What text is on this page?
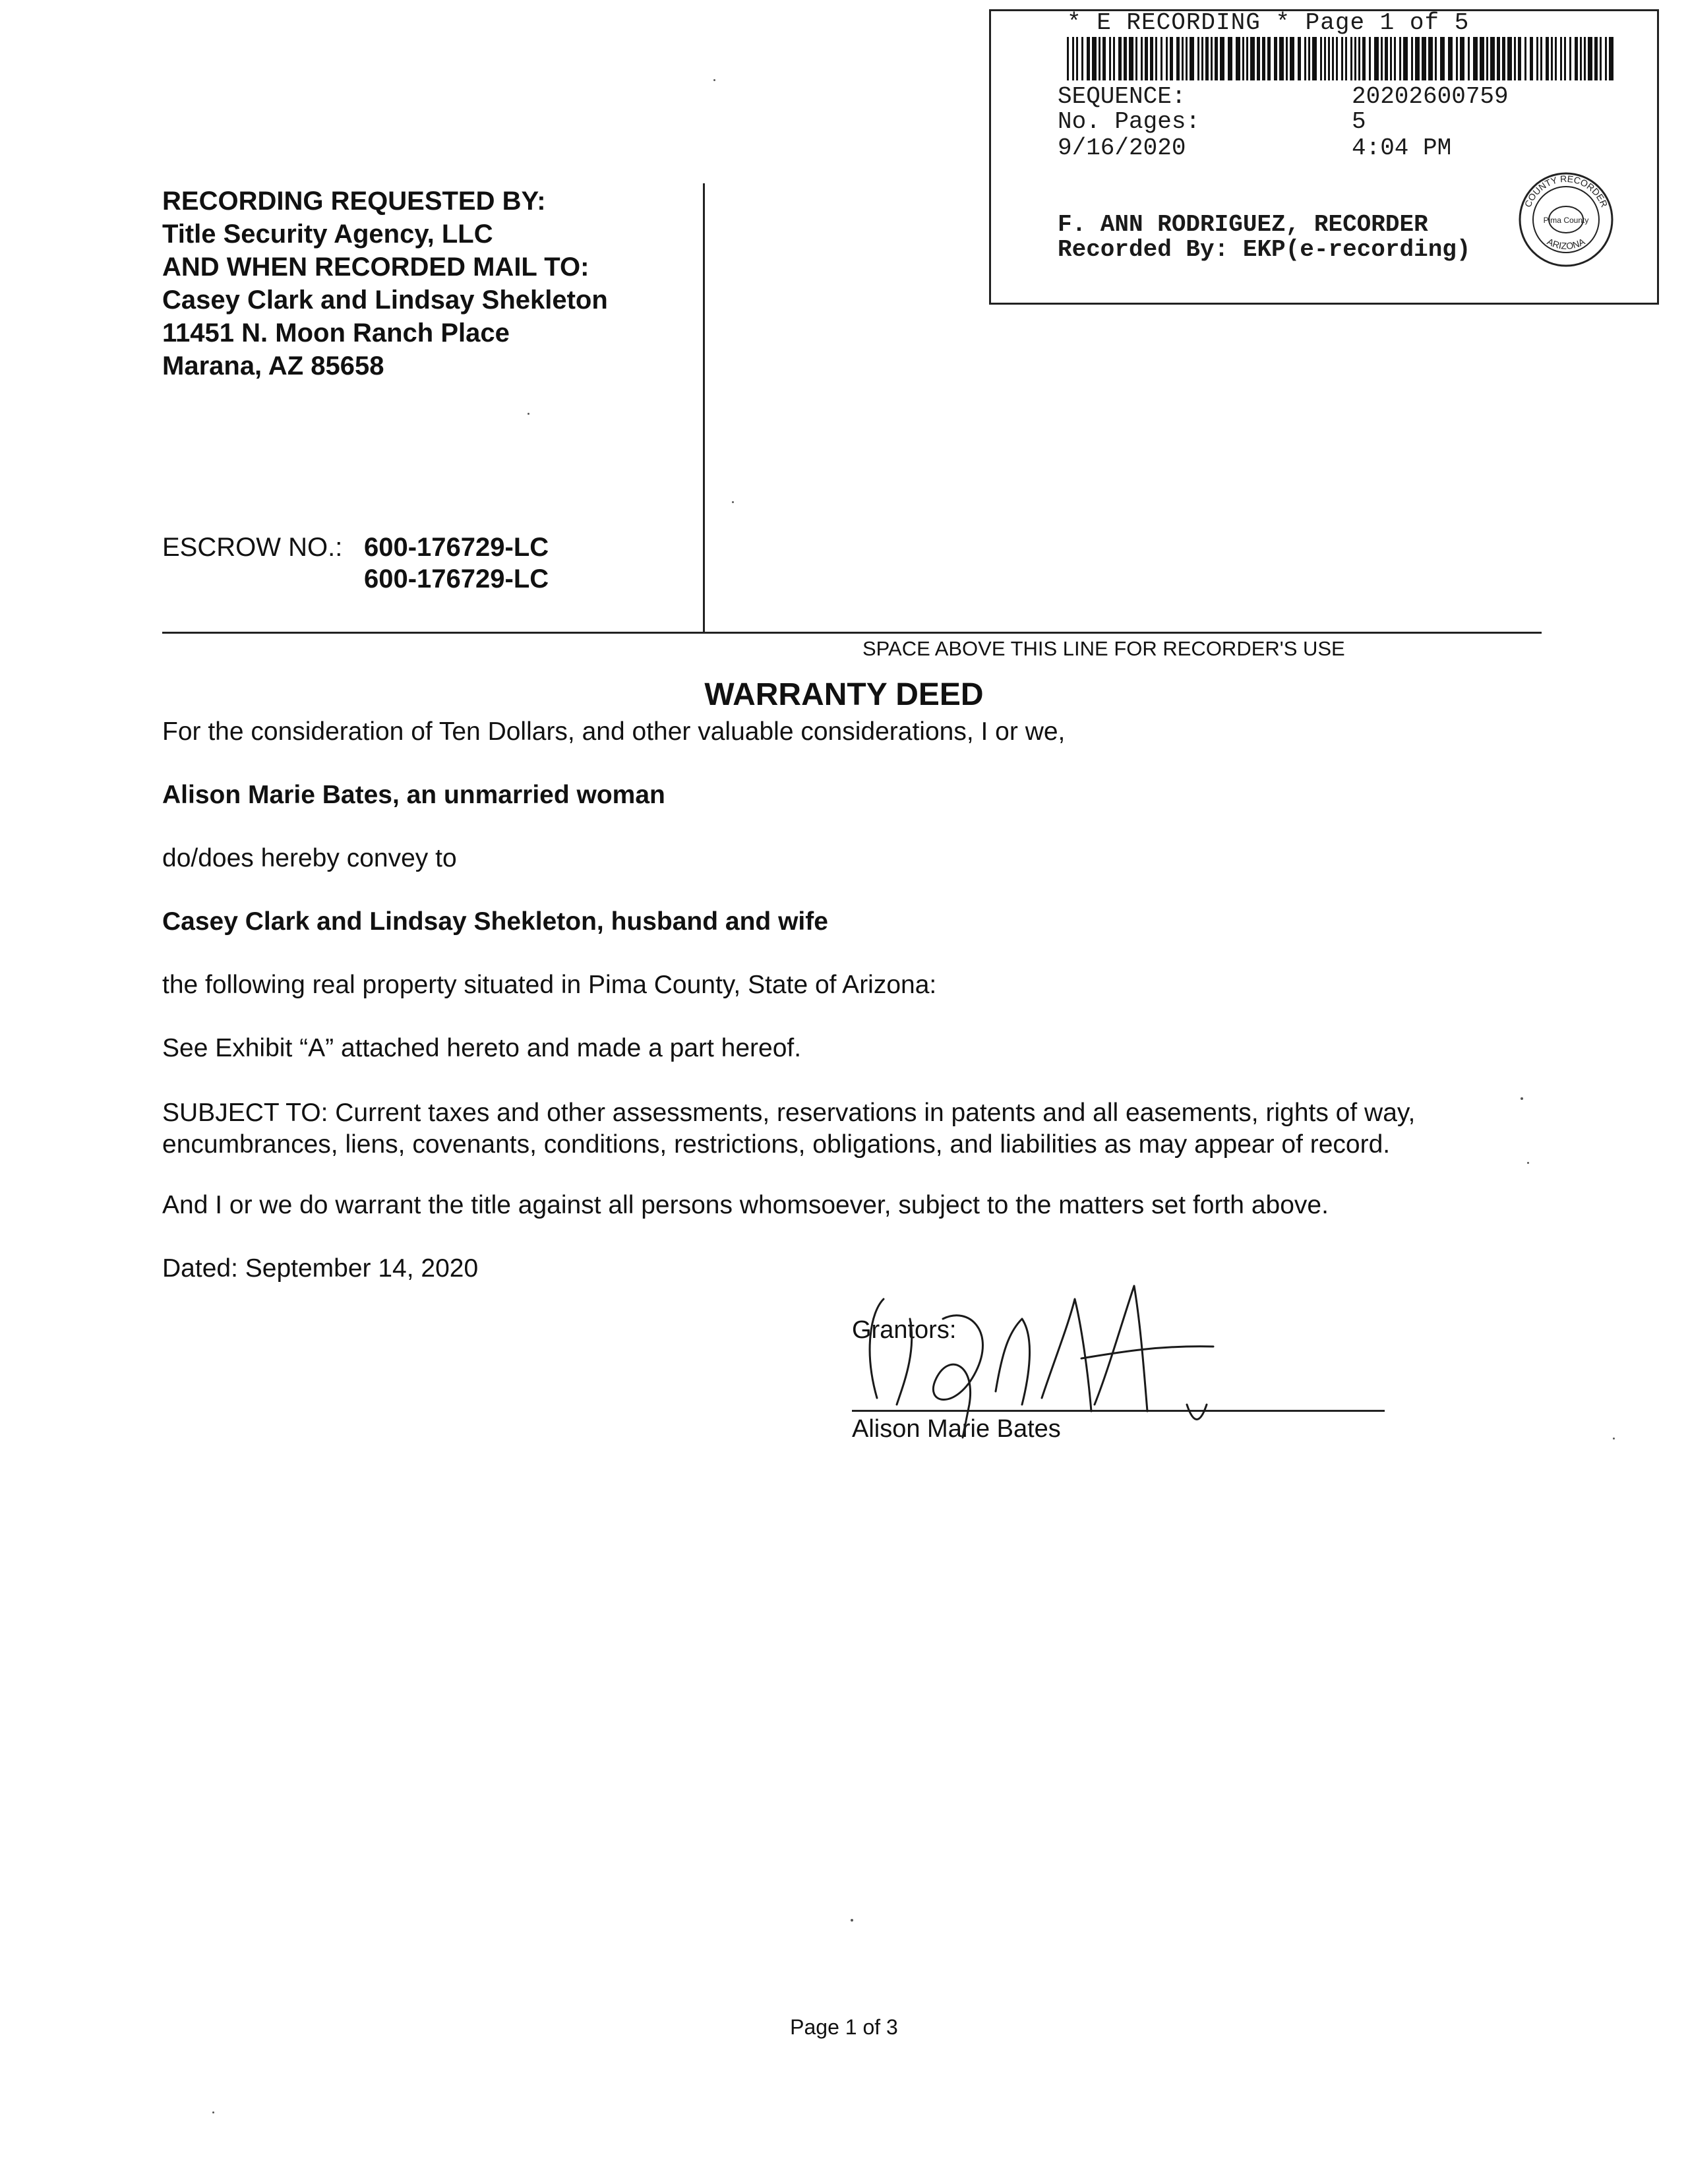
* E RECORDING * Page 1 of 5
SEQUENCE:	20202600759
No. Pages:	5
9/16/2020	4:04 PM
F. ANN RODRIGUEZ, RECORDER
Recorded By: EKP(e-recording)
COUNTY RECORDER
ARIZONA
Pima County
RECORDING REQUESTED BY:
Title Security Agency, LLC
AND WHEN RECORDED MAIL TO:
Casey Clark and Lindsay Shekleton
11451 N. Moon Ranch Place
Marana, AZ 85658
ESCROW NO.: 600-176729-LC
600-176729-LC
SPACE ABOVE THIS LINE FOR RECORDER'S USE
WARRANTY DEED
For the consideration of Ten Dollars, and other valuable considerations, I or we,
Alison Marie Bates, an unmarried woman
do/does hereby convey to
Casey Clark and Lindsay Shekleton, husband and wife
the following real property situated in Pima County, State of Arizona:
See Exhibit “A” attached hereto and made a part hereof.
SUBJECT TO: Current taxes and other assessments, reservations in patents and all easements, rights of way, encumbrances, liens, covenants, conditions, restrictions, obligations, and liabilities as may appear of record.
And I or we do warrant the title against all persons whomsoever, subject to the matters set forth above.
Dated: September 14, 2020
Grantors:
Alison Marie Bates
Page 1 of 3
